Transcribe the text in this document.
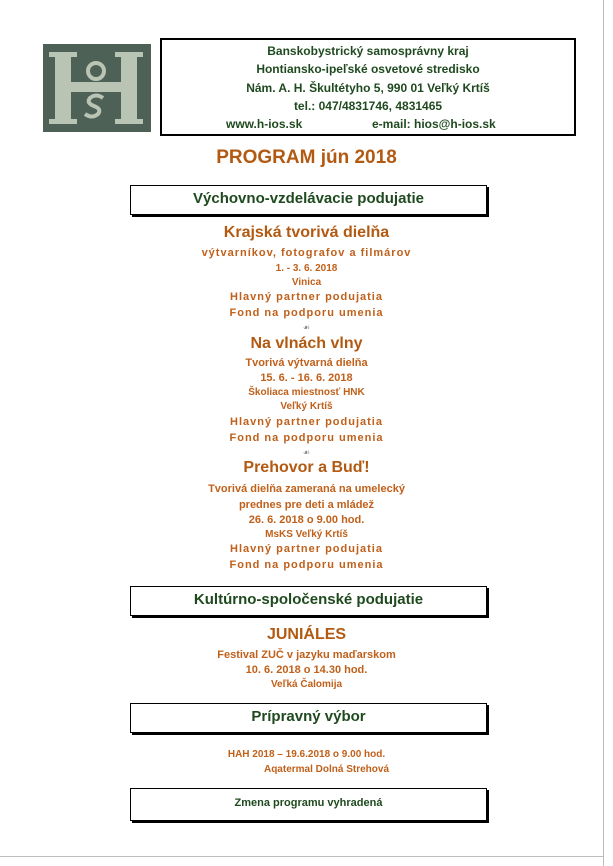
Banskobystrický samosprávny kraj
Hontiansko-ipeľské osvetové stredisko
Nám. A. H. Škultétyho 5, 990 01 Veľký Krtíš
tel.: 047/4831746, 4831465
www.h-ios.sk	e-mail: hios@h-ios.sk
PROGRAM jún 2018
Výchovno-vzdelávacie podujatie
Krajská tvorivá dielňa
výtvarníkov, fotografov a filmárov
1. - 3. 6. 2018
Vinica
Hlavný partner podujatia
Fond na podporu umenia
☙
Na vlnách vlny
Tvorivá výtvarná dielňa
15. 6. - 16. 6. 2018
Školiaca miestnosť HNK
Veľký Krtíš
Hlavný partner podujatia
Fond na podporu umenia
☙
Prehovor a Buď!
Tvorivá dielňa zameraná na umelecký
prednes pre deti a mládež
26. 6. 2018 o 9.00 hod.
MsKS Veľký Krtíš
Hlavný partner podujatia
Fond na podporu umenia
Kultúrno-spoločenské podujatie
JUNIÁLES
Festival ZUČ v jazyku maďarskom
10. 6. 2018 o 14.30 hod.
Veľká Čalomija
Prípravný výbor
HAH 2018 – 19.6.2018 o 9.00 hod.
Aqatermal Dolná Strehová
Zmena programu vyhradená
